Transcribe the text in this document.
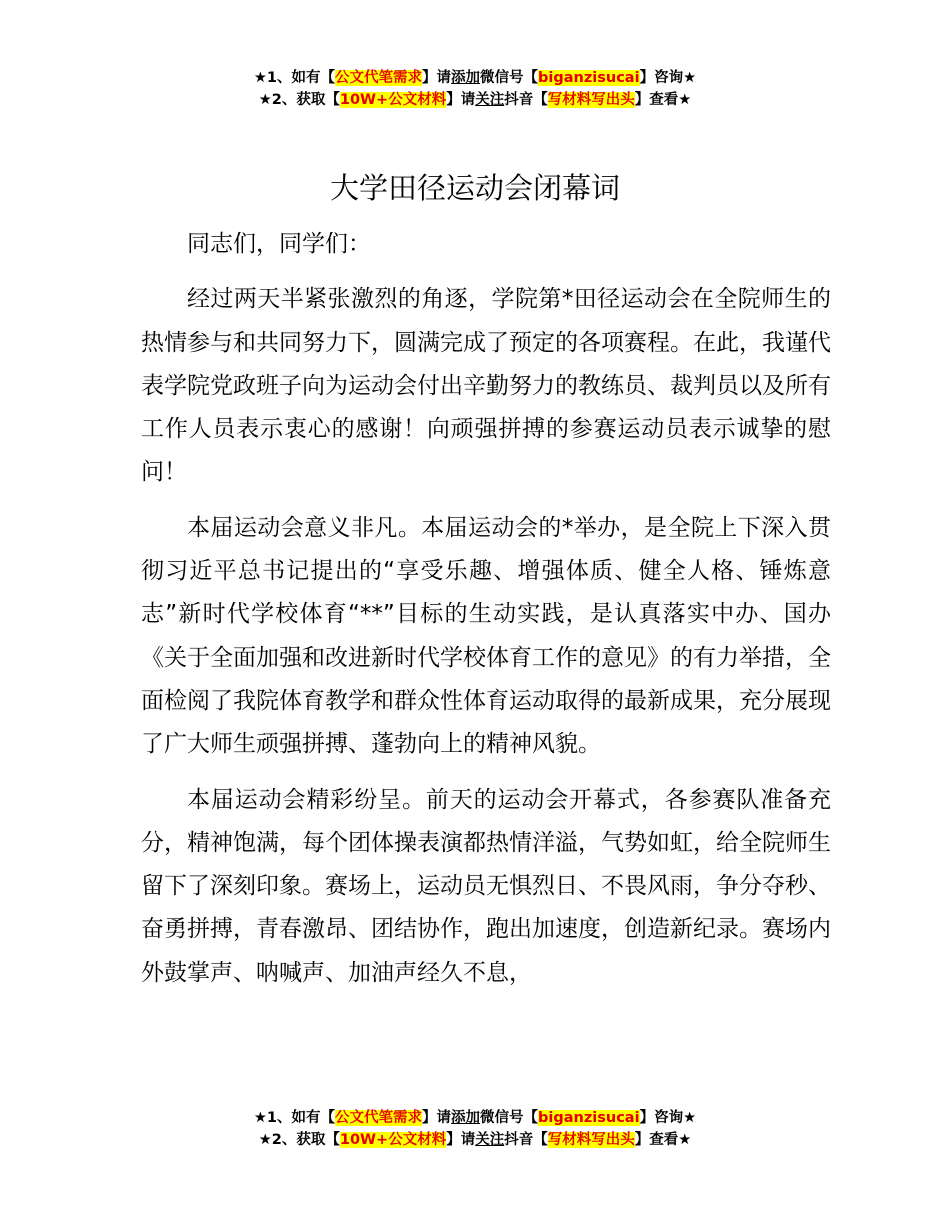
★1、如有【公文代笔需求】请添加微信号【biganzisucai】咨询★
★2、获取【10W+公文材料】请关注抖音【写材料写出头】查看★
大学田径运动会闭幕词

同志们，同学们：

经过两天半紧张激烈的角逐，学院第*田径运动会在全院师生的热情参与和共同努力下，圆满完成了预定的各项赛程。在此，我谨代表学院党政班子向为运动会付出辛勤努力的教练员、裁判员以及所有工作人员表示衷心的感谢！向顽强拼搏的参赛运动员表示诚挚的慰问！

本届运动会意义非凡。本届运动会的*举办，是全院上下深入贯彻习近平总书记提出的“享受乐趣、增强体质、健全人格、锤炼意志”新时代学校体育“**”目标的生动实践，是认真落实中办、国办《关于全面加强和改进新时代学校体育工作的意见》的有力举措，全面检阅了我院体育教学和群众性体育运动取得的最新成果，充分展现了广大师生顽强拼搏、蓬勃向上的精神风貌。

本届运动会精彩纷呈。前天的运动会开幕式，各参赛队准备充分，精神饱满，每个团体操表演都热情洋溢，气势如虹，给全院师生留下了深刻印象。赛场上，运动员无惧烈日、不畏风雨，争分夺秒、奋勇拼搏，青春激昂、团结协作，跑出加速度，创造新纪录。赛场内外鼓掌声、呐喊声、加油声经久不息，

★1、如有【公文代笔需求】请添加微信号【biganzisucai】咨询★
★2、获取【10W+公文材料】请关注抖音【写材料写出头】查看★
